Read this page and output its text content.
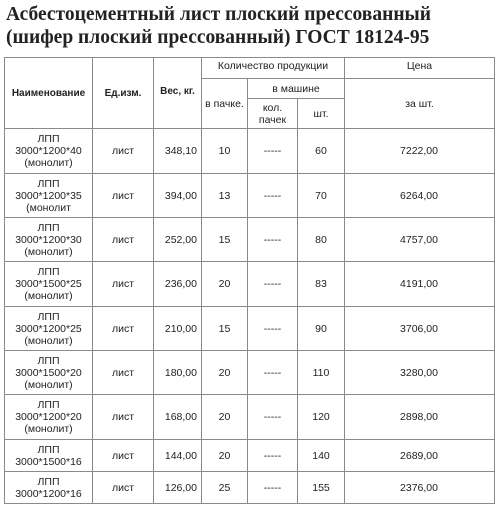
Асбестоцементный лист плоский прессованный
(шифер плоский прессованный) ГОСТ 18124-95
Наименование	Ед.изм.	Вес, кг.	Количество продукции			Цена
			в пачке.	в машине		за шт.
				кол. пачек	шт.	

ЛПП
3000*1200*40
(монолит)	лист	348,10	10	-----	60	7222,00

ЛПП
3000*1200*35
(монолит	лист	394,00	13	-----	70	6264,00

ЛПП
3000*1200*30
(монолит)	лист	252,00	15	-----	80	4757,00

ЛПП
3000*1500*25
(монолит)	лист	236,00	20	-----	83	4191,00

ЛПП
3000*1200*25
(монолит)	лист	210,00	15	-----	90	3706,00

ЛПП
3000*1500*20
(монолит)	лист	180,00	20	-----	110	3280,00

ЛПП
3000*1200*20
(монолит)	лист	168,00	20	-----	120	2898,00

ЛПП
3000*1500*16	лист	144,00	20	-----	140	2689,00

ЛПП
3000*1200*16	лист	126,00	25	-----	155	2376,00
